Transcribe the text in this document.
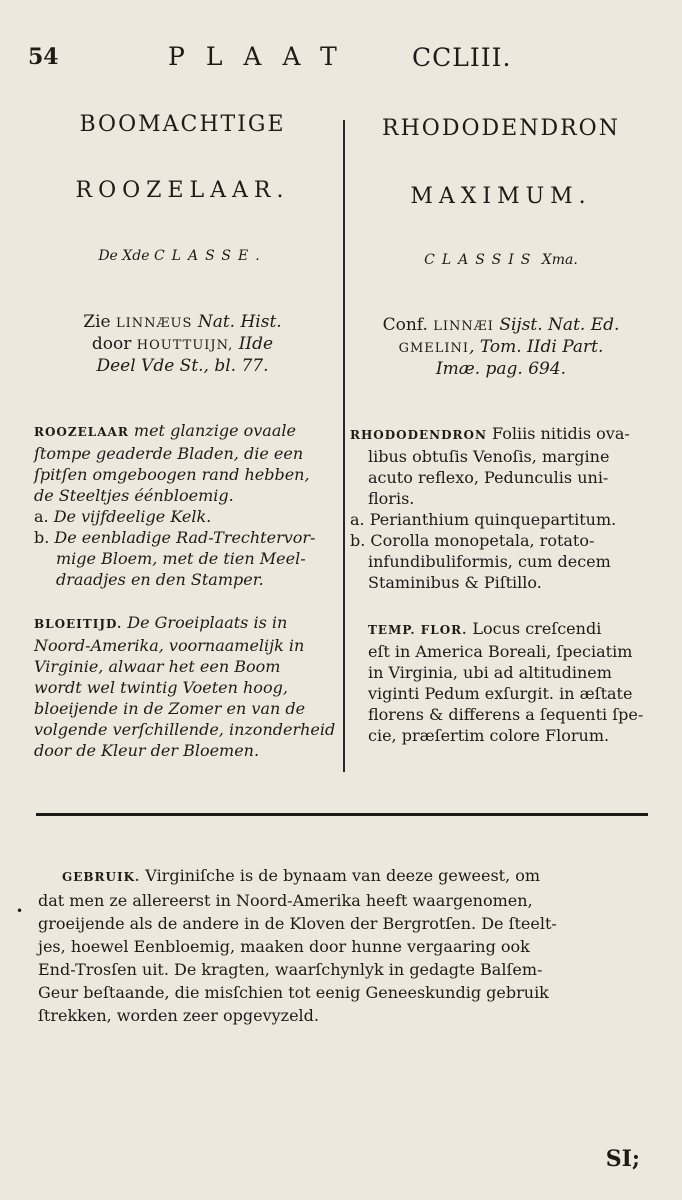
54	PLAAT CCLIII.
BOOMACHTIGE
ROOZELAAR.
De Xde CLASSE.
Zie LINNÆUS Nat. Hist.
door HOUTTUIJN, IIde
Deel Vde St., bl. 77.
ROOZELAAR met glanzige ovaale
ſtompe geaderde Bladen, die een
ſpitſen omgeboogen rand hebben,
de Steeltjes éénbloemig.
a. De vijfdeelige Kelk.
b. De eenbladige Rad-Trechtervor-
mige Bloem, met de tien Meel-
draadjes en den Stamper.
BLOEITIJD. De Groeiplaats is in
Noord-Amerika, voornaamelijk in
Virginie, alwaar het een Boom
wordt wel twintig Voeten hoog,
bloeijende in de Zomer en van de
volgende verſchillende, inzonderheid
door de Kleur der Bloemen.
RHODODENDRON
MAXIMUM.
CLASSIS Xma.
Conf. LINNÆI Sijst. Nat. Ed.
GMELINI, Tom. IIdi Part.
Imæ. pag. 694.
RHODODENDRON Foliis nitidis ova-
libus obtuſis Venoſis, margine
acuto reflexo, Pedunculis uni-
floris.
a. Perianthium quinquepartitum.
b. Corolla monopetala, rotato-
infundibuliformis, cum decem
Staminibus & Piſtillo.
TEMP. FLOR. Locus creſcendi
eſt in America Boreali, ſpeciatim
in Virginia, ubi ad altitudinem
viginti Pedum exſurgit. in æſtate
florens & differens a ſequenti ſpe-
cie, præſertim colore Florum.
•
GEBRUIK. Virginiſche is de bynaam van deeze geweest, om
dat men ze allereerst in Noord-Amerika heeft waargenomen,
groeijende als de andere in de Kloven der Bergrotſen. De ſteelt-
jes, hoewel Eenbloemig, maaken door hunne vergaaring ook
End-Trosſen uit. De kragten, waarſchynlyk in gedagte Balſem-
Geur beſtaande, die misſchien tot eenig Geneeskundig gebruik
ſtrekken, worden zeer opgevyzeld.
SI;
